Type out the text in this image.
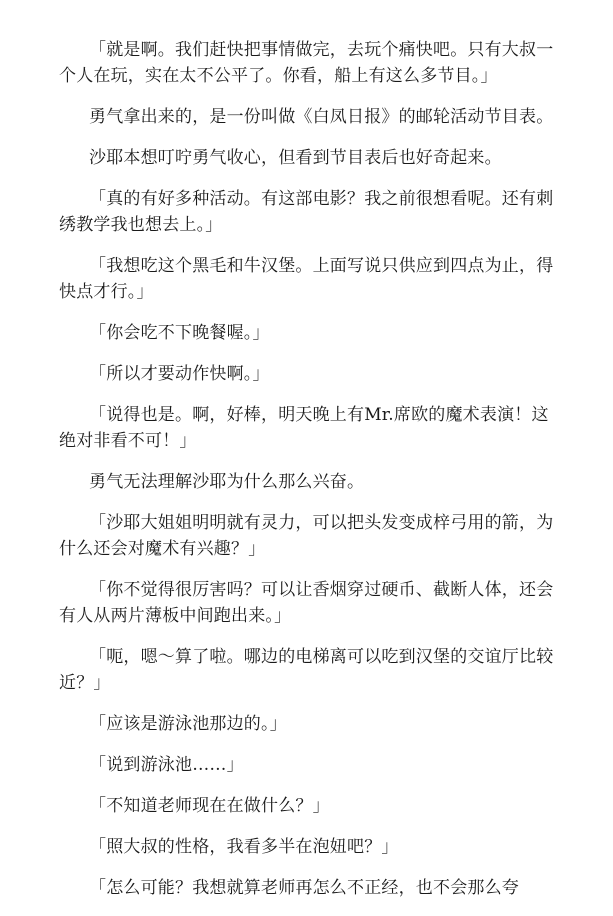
「就是啊。我们赶快把事情做完，去玩个痛快吧。只有大叔一个人在玩，实在太不公平了。你看，船上有这么多节目。」

勇气拿出来的，是一份叫做《白凤日报》的邮轮活动节目表。

沙耶本想叮咛勇气收心，但看到节目表后也好奇起来。

「真的有好多种活动。有这部电影？我之前很想看呢。还有刺绣教学我也想去上。」

「我想吃这个黑毛和牛汉堡。上面写说只供应到四点为止，得快点才行。」

「你会吃不下晚餐喔。」

「所以才要动作快啊。」

「说得也是。啊，好棒，明天晚上有Mr.席欧的魔术表演！这绝对非看不可！」

勇气无法理解沙耶为什么那么兴奋。

「沙耶大姐姐明明就有灵力，可以把头发变成梓弓用的箭，为什么还会对魔术有兴趣？」

「你不觉得很厉害吗？可以让香烟穿过硬币、截断人体，还会有人从两片薄板中间跑出来。」

「呃，嗯～算了啦。哪边的电梯离可以吃到汉堡的交谊厅比较近？」

「应该是游泳池那边的。」

「说到游泳池……」

「不知道老师现在在做什么？」

「照大叔的性格，我看多半在泡妞吧？」

「怎么可能？我想就算老师再怎么不正经，也不会那么夸
